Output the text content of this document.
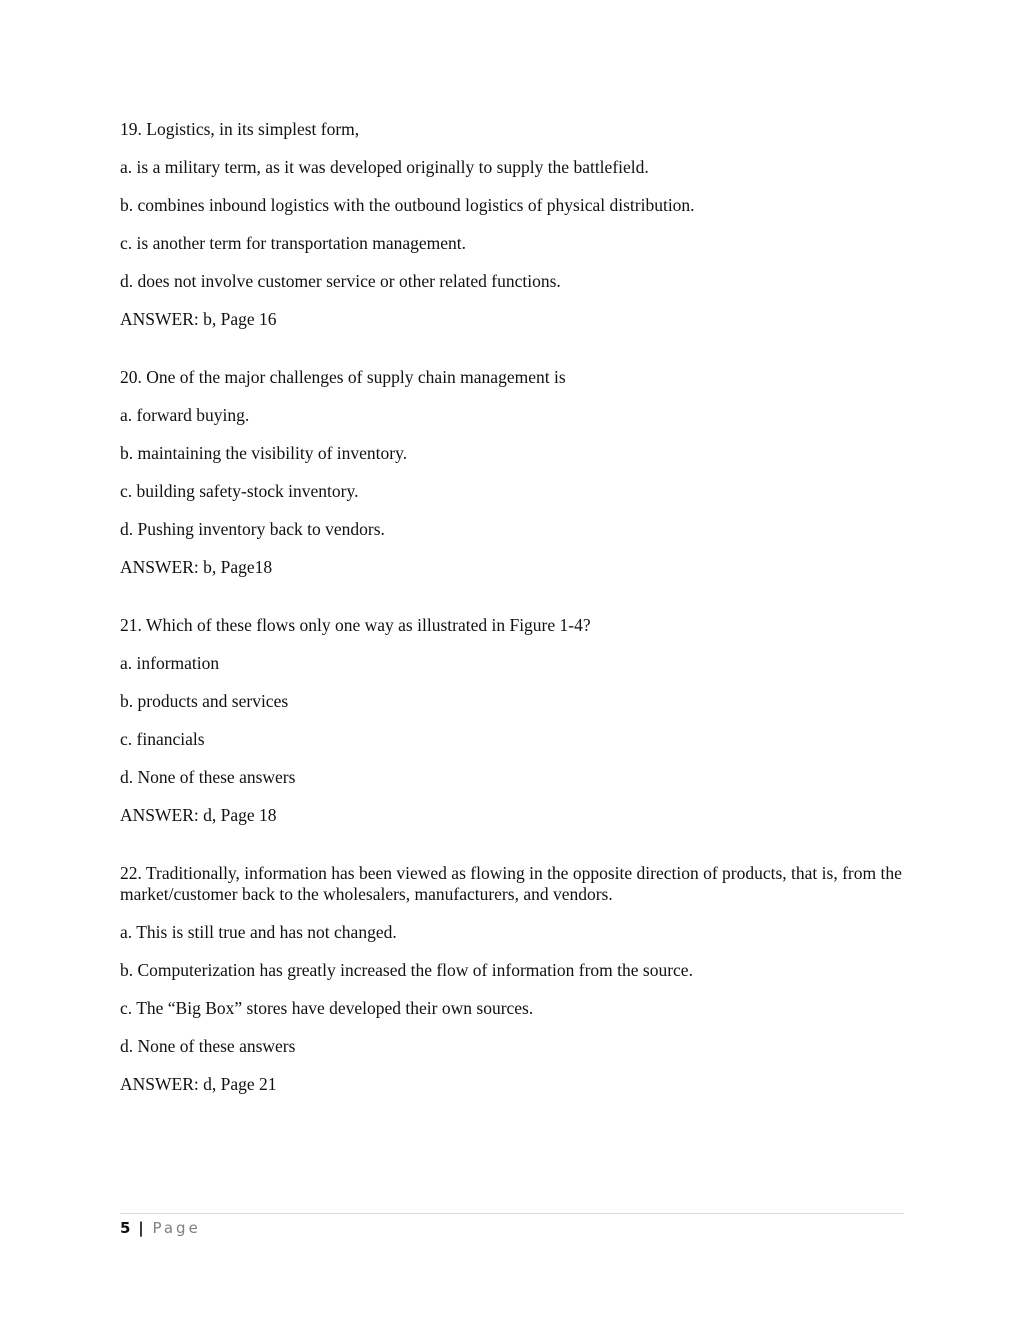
19. Logistics, in its simplest form,

a. is a military term, as it was developed originally to supply the battlefield.

b. combines inbound logistics with the outbound logistics of physical distribution.

c. is another term for transportation management.

d. does not involve customer service or other related functions.

ANSWER: b, Page 16

20. One of the major challenges of supply chain management is

a. forward buying.

b. maintaining the visibility of inventory.

c. building safety-stock inventory.

d. Pushing inventory back to vendors.

ANSWER: b, Page18

21. Which of these flows only one way as illustrated in Figure 1-4?

a. information

b. products and services

c. financials

d. None of these answers

ANSWER: d, Page 18

22. Traditionally, information has been viewed as flowing in the opposite direction of products, that is, from the market/customer back to the wholesalers, manufacturers, and vendors.

a. This is still true and has not changed.

b. Computerization has greatly increased the flow of information from the source.

c. The “Big Box” stores have developed their own sources.

d. None of these answers

ANSWER: d, Page 21

5 | Page
